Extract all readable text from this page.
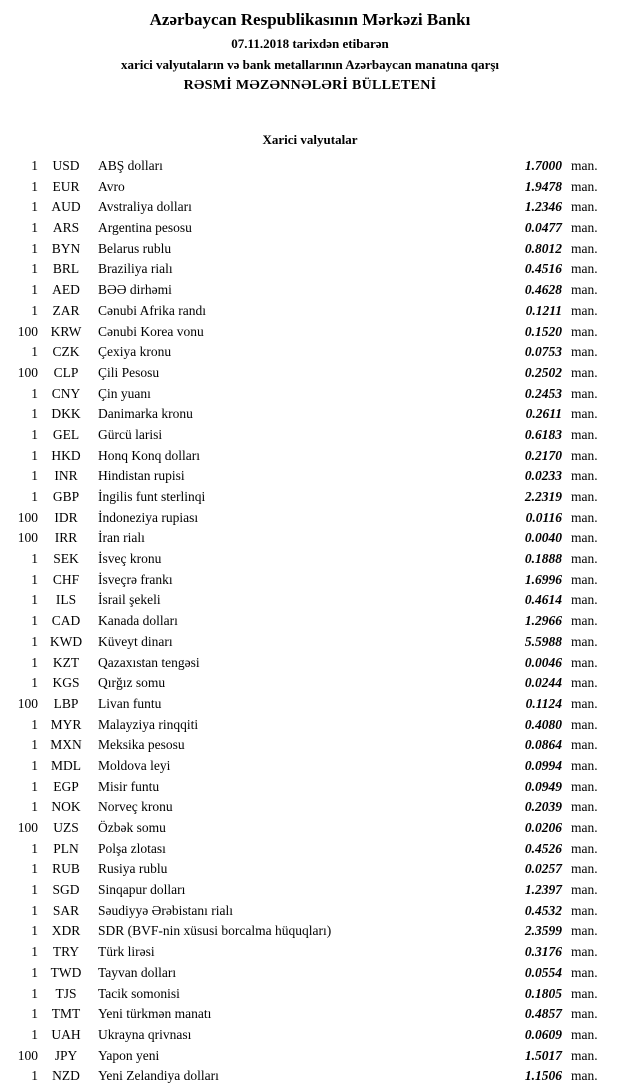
Azərbaycan Respublikasının Mərkəzi Bankı
07.11.2018 tarixdən etibarən
xarici valyutaların və bank metallarının Azərbaycan manatına qarşı
RƏSMİ MƏZƏNNƏLƏRİ BÜLLETENİ
Xarici valyutalar
1	USD	ABŞ dolları	1.7000 man.
1	EUR	Avro	1.9478 man.
1 AUD	Avstraliya dolları	1.2346 man.
1	ARS	Argentina pesosu	0.0477 man.
1	BYN	Belarus rublu	0.8012 man.
1	BRL	Braziliya rialı	0.4516 man.
1	AED	BƏƏ dirhəmi	0.4628 man.
1	ZAR	Cənubi Afrika randı	0.1211 man.
100 KRW	Cənubi Korea vonu	0.1520 man.
1	CZK	Çexiya kronu	0.0753 man.
100	CLP	Çili Pesosu	0.2502 man.
1	CNY	Çin yuanı	0.2453 man.
1 DKK	Danimarka kronu	0.2611 man.
1	GEL	Gürcü larisi	0.6183 man.
1 HKD	Honq Konq dolları	0.2170 man.
1	INR	Hindistan rupisi	0.0233 man.
1	GBP	İngilis funt sterlinqi	2.2319 man.
100	IDR	İndoneziya rupiası	0.0116 man.
100	IRR	İran rialı	0.0040 man.
1	SEK	İsveç kronu	0.1888 man.
1	CHF	İsveçrə frankı	1.6996 man.
1	ILS	İsrail şekeli	0.4614 man.
1	CAD	Kanada dolları	1.2966 man.
1 KWD	Küveyt dinarı	5.5988 man.
1	KZT	Qazaxıstan tengəsi	0.0046 man.
1	KGS	Qırğız somu	0.0244 man.
100	LBP	Livan funtu	0.1124 man.
1 MYR	Malayziya rinqqiti	0.4080 man.
1 MXN	Meksika pesosu	0.0864 man.
1 MDL	Moldova leyi	0.0994 man.
1	EGP	Misir funtu	0.0949 man.
1 NOK	Norveç kronu	0.2039 man.
100	UZS	Özbək somu	0.0206 man.
1	PLN	Polşa zlotası	0.4526 man.
1	RUB	Rusiya rublu	0.0257 man.
1	SGD	Sinqapur dolları	1.2397 man.
1	SAR	Səudiyyə Ərəbistanı rialı	0.4532 man.
1	XDR	SDR (BVF-nin xüsusi borcalma hüquqları)	2.3599 man.
1	TRY	Türk lirəsi	0.3176 man.
1 TWD	Tayvan dolları	0.0554 man.
1	TJS	Tacik somonisi	0.1805 man.
1	TMT	Yeni türkmən manatı	0.4857 man.
1 UAH	Ukrayna qrivnası	0.0609 man.
100	JPY	Yapon yeni	1.5017 man.
1	NZD	Yeni Zelandiya dolları	1.1506 man.
